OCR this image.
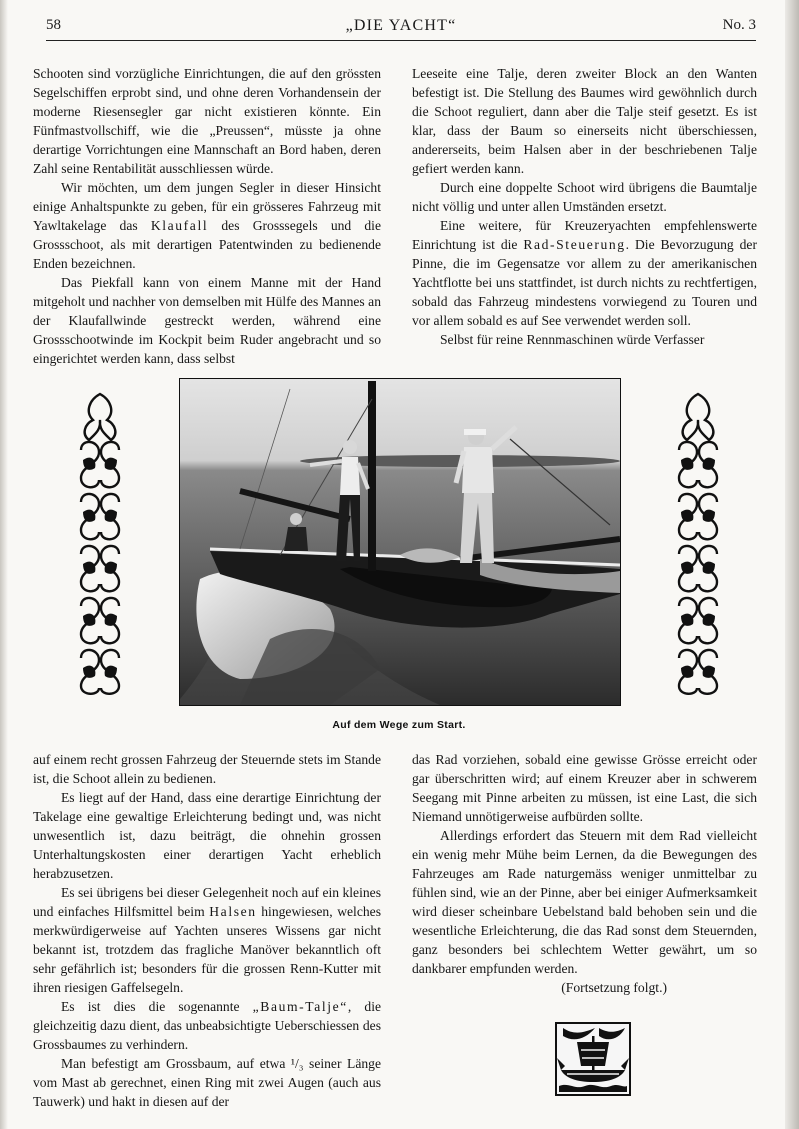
58	„DIE YACHT“	No. 3

Schooten sind vorzügliche Einrichtungen, die auf den grössten Segelschiffen erprobt sind, und ohne deren Vorhandensein der moderne Riesensegler gar nicht existieren könnte. Ein Fünfmastvollschiff, wie die „Preussen“, müsste ja ohne derartige Vorrichtungen eine Mannschaft an Bord haben, deren Zahl seine Rentabilität ausschliessen würde.

Wir möchten, um dem jungen Segler in dieser Hinsicht einige Anhaltspunkte zu geben, für ein grösseres Fahrzeug mit Yawltakelage das Klaufall des Grosssegels und die Grossschoot, als mit derartigen Patentwinden zu bedienende Enden bezeichnen.

Das Piekfall kann von einem Manne mit der Hand mitgeholt und nachher von demselben mit Hülfe des Mannes an der Klaufallwinde gestreckt werden, während eine Grossschootwinde im Kockpit beim Ruder angebracht und so eingerichtet werden kann, dass selbst

Leeseite eine Talje, deren zweiter Block an den Wanten befestigt ist. Die Stellung des Baumes wird gewöhnlich durch die Schoot reguliert, dann aber die Talje steif gesetzt. Es ist klar, dass der Baum so einerseits nicht überschiessen, andererseits, beim Halsen aber in der beschriebenen Talje gefiert werden kann.

Durch eine doppelte Schoot wird übrigens die Baumtalje nicht völlig und unter allen Umständen ersetzt.

Eine weitere, für Kreuzeryachten empfehlenswerte Einrichtung ist die Rad-Steuerung. Die Bevorzugung der Pinne, die im Gegensatze vor allem zu der amerikanischen Yachtflotte bei uns stattfindet, ist durch nichts zu rechtfertigen, sobald das Fahrzeug mindestens vorwiegend zu Touren und vor allem sobald es auf See verwendet werden soll.

Selbst für reine Rennmaschinen würde Verfasser

Auf dem Wege zum Start.

auf einem recht grossen Fahrzeug der Steuernde stets im Stande ist, die Schoot allein zu bedienen.

Es liegt auf der Hand, dass eine derartige Einrichtung der Takelage eine gewaltige Erleichterung bedingt und, was nicht unwesentlich ist, dazu beiträgt, die ohnehin grossen Unterhaltungskosten einer derartigen Yacht erheblich herabzusetzen.

Es sei übrigens bei dieser Gelegenheit noch auf ein kleines und einfaches Hilfsmittel beim Halsen hingewiesen, welches merkwürdigerweise auf Yachten unseres Wissens gar nicht bekannt ist, trotzdem das fragliche Manöver bekanntlich oft sehr gefährlich ist; besonders für die grossen Renn-Kutter mit ihren riesigen Gaffelsegeln.

Es ist dies die sogenannte „Baum-Talje“, die gleichzeitig dazu dient, das unbeabsichtigte Ueberschiessen des Grossbaumes zu verhindern.

Man befestigt am Grossbaum, auf etwa ¹/₃ seiner Länge vom Mast ab gerechnet, einen Ring mit zwei Augen (auch aus Tauwerk) und hakt in diesen auf der

das Rad vorziehen, sobald eine gewisse Grösse erreicht oder gar überschritten wird; auf einem Kreuzer aber in schwerem Seegang mit Pinne arbeiten zu müssen, ist eine Last, die sich Niemand unnötigerweise aufbürden sollte.

Allerdings erfordert das Steuern mit dem Rad vielleicht ein wenig mehr Mühe beim Lernen, da die Bewegungen des Fahrzeuges am Rade naturgemäss weniger unmittelbar zu fühlen sind, wie an der Pinne, aber bei einiger Aufmerksamkeit wird dieser scheinbare Uebelstand bald behoben sein und die wesentliche Erleichterung, die das Rad sonst dem Steuernden, ganz besonders bei schlechtem Wetter gewährt, um so dankbarer empfunden werden.

(Fortsetzung folgt.)
